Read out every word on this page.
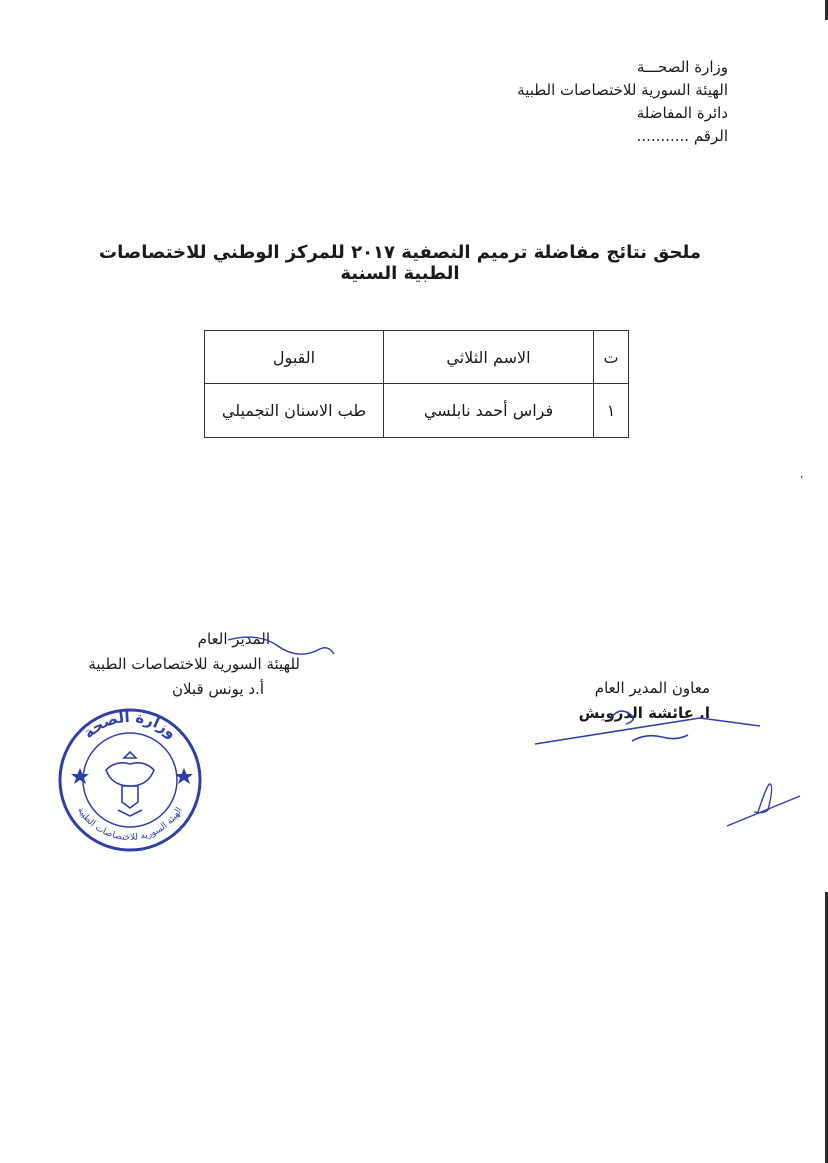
وزارة الصحـــة
الهيئة السورية للاختصاصات الطبية
دائرة المفاضلة
الرقم ...........
ملحق نتائج مفاضلة ترميم النصفية ٢٠١٧ للمركز الوطني للاختصاصات الطبية السنية
ت	الاسم الثلاثي	القبول
١	فراس أحمد نابلسي	طب الاسنان التجميلي
،
المدير العام
للهيئة السورية للاختصاصات الطبية
أ.د يونس قبلان	معاون المدير العام
ا. عائشة الدرويش
وزارة الصحة
الهيئة السورية للاختصاصات الطبية
